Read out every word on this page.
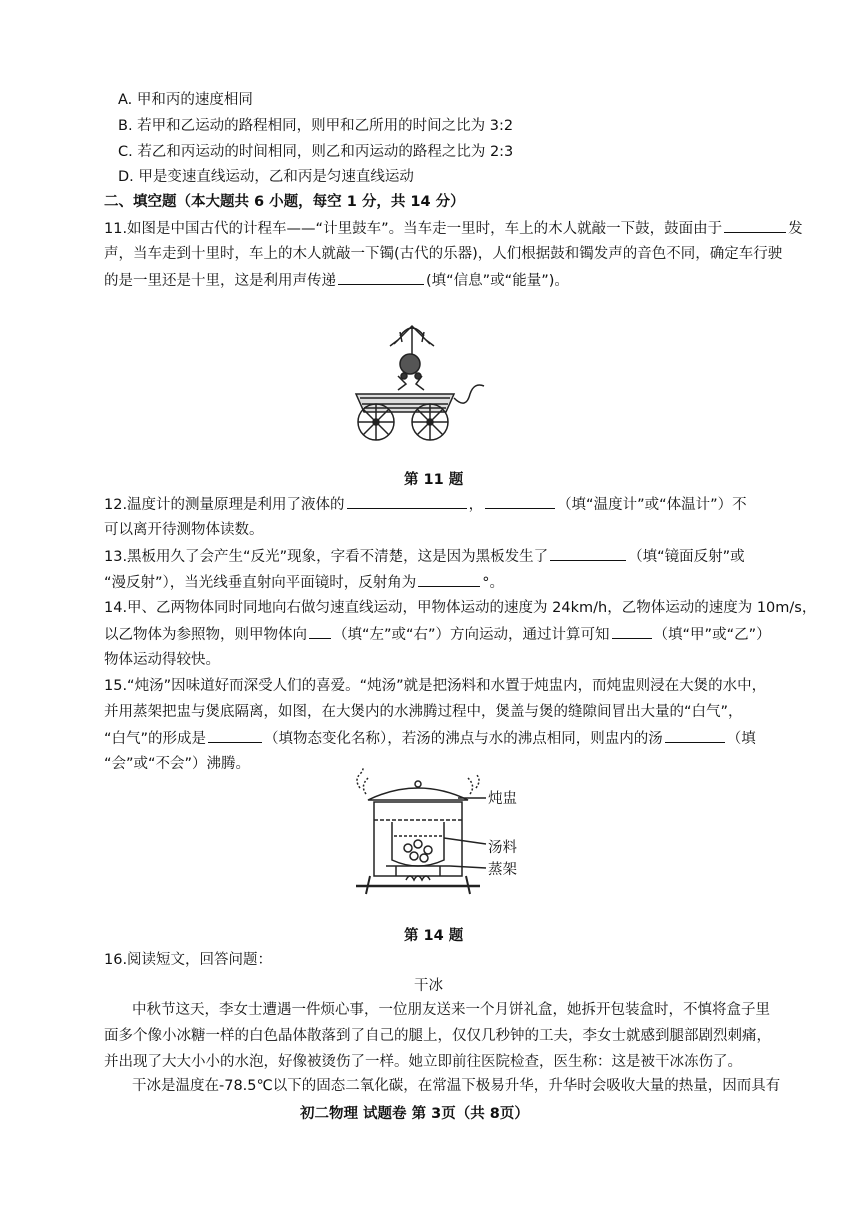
A. 甲和丙的速度相同
B. 若甲和乙运动的路程相同，则甲和乙所用的时间之比为 3:2
C. 若乙和丙运动的时间相同，则乙和丙运动的路程之比为 2:3
D. 甲是变速直线运动，乙和丙是匀速直线运动
二、填空题（本大题共 6 小题，每空 1 分，共 14 分）
11.如图是中国古代的计程车——“计里鼓车”。当车走一里时，车上的木人就敲一下鼓，鼓面由于	发
声，当车走到十里时，车上的木人就敲一下镯(古代的乐器)，人们根据鼓和镯发声的音色不同，确定车行驶
的是一里还是十里，这是利用声传递	(填“信息”或“能量”)。
第 11 题
12.温度计的测量原理是利用了液体的	，	（填“温度计”或“体温计”）不
可以离开待测物体读数。
13.黑板用久了会产生“反光”现象，字看不清楚，这是因为黑板发生了	（填“镜面反射”或
“漫反射”），当光线垂直射向平面镜时，反射角为	°。
14.甲、乙两物体同时同地向右做匀速直线运动，甲物体运动的速度为 24km/h，乙物体运动的速度为 10m/s，
以乙物体为参照物，则甲物体向 （填“左”或“右”）方向运动，通过计算可知	（填“甲”或“乙”）
物体运动得较快。
15.“炖汤”因味道好而深受人们的喜爱。“炖汤”就是把汤料和水置于炖盅内，而炖盅则浸在大煲的水中，
并用蒸架把盅与煲底隔离，如图，在大煲内的水沸腾过程中，煲盖与煲的缝隙间冒出大量的“白气”，
“白气”的形成是	（填物态变化名称），若汤的沸点与水的沸点相同，则盅内的汤	（填
“会”或“不会”）沸腾。
炖盅
汤料
蒸架
第 14 题
16.阅读短文，回答问题：
干冰
中秋节这天，李女士遭遇一件烦心事，一位朋友送来一个月饼礼盒，她拆开包装盒时，不慎将盒子里
面多个像小冰糖一样的白色晶体散落到了自己的腿上，仅仅几秒钟的工夫，李女士就感到腿部剧烈刺痛，
并出现了大大小小的水泡，好像被烫伤了一样。她立即前往医院检查，医生称：这是被干冰冻伤了。
干冰是温度在-78.5℃以下的固态二氧化碳，在常温下极易升华，升华时会吸收大量的热量，因而具有
初二物理 试题卷 第 3页（共 8页）
